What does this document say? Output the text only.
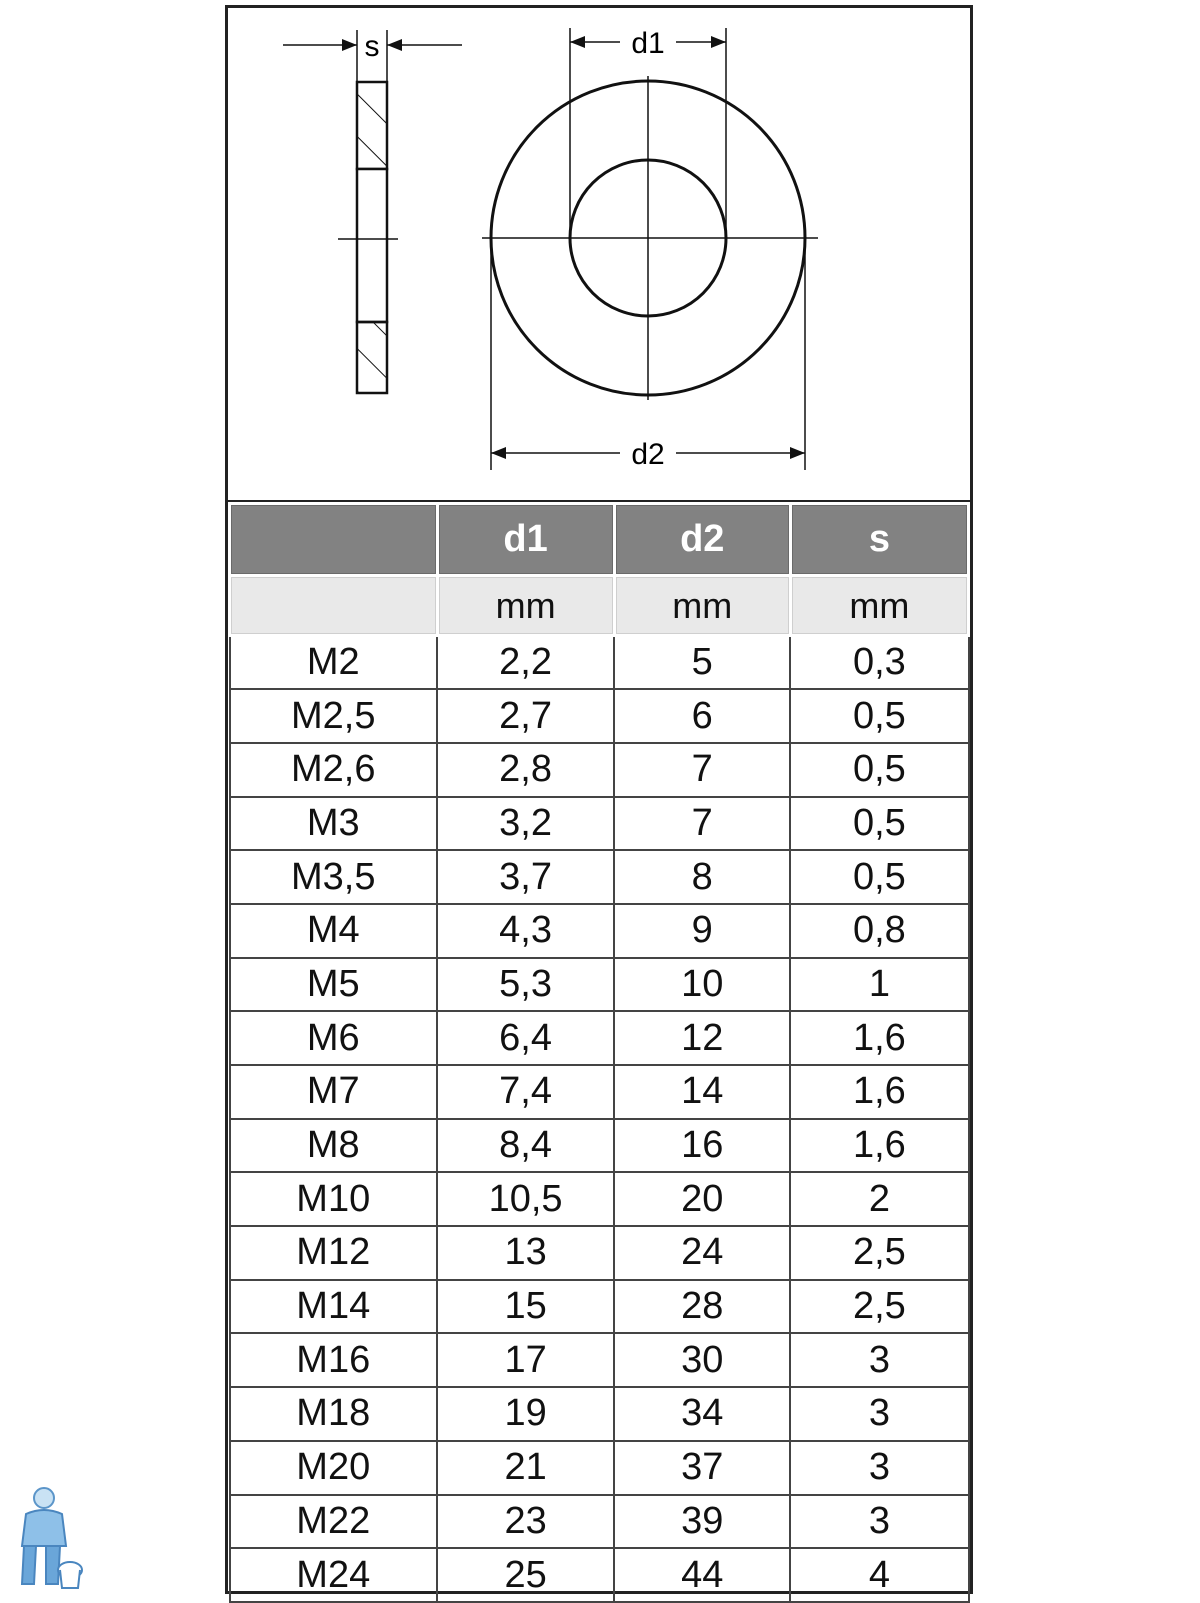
s	d1
d2
	d1	d2	s
	mm	mm	mm
M2	2,2	5	0,3
M2,5	2,7	6	0,5
M2,6	2,8	7	0,5
M3	3,2	7	0,5
M3,5	3,7	8	0,5
M4	4,3	9	0,8
M5	5,3	10	1
M6	6,4	12	1,6
M7	7,4	14	1,6
M8	8,4	16	1,6
M10	10,5	20	2
M12	13	24	2,5
M14	15	28	2,5
M16	17	30	3
M18	19	34	3
M20	21	37	3
M22	23	39	3
M24	25	44	4
